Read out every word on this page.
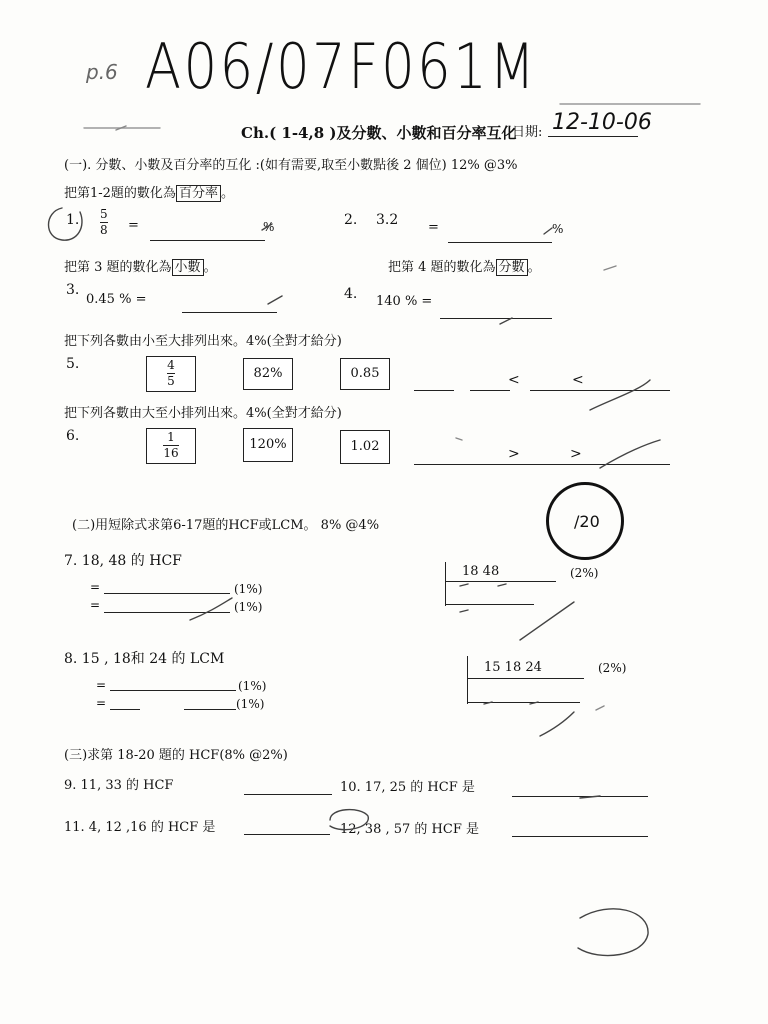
p.6 A06/07F061M
Ch.( 1-4,8 )及分數、小數和百分率互化
日期: 12-10-06
(一). 分數、小數及百分率的互化 :(如有需要,取至小數點後 2 個位) 12% @3%
把第1-2題的數化為 百分率 。
1. $\frac{5}{8}$ =	%	2. 3.2 =	%
把第 3 題的數化為 小數 。	把第 4 題的數化為 分數 。
3.
0.45 % =	4. 140 % =
把下列各數由小至大排列出來。4%(全對才給分)
5.	$\frac{4}{5}$	82%	0.85	<	<
把下列各數由大至小排列出來。4%(全對才給分)
6.	$\frac{1}{16}$	120%	1.02	>	>
/20
(二)用短除式求第6-17題的HCF或LCM。 8% @4%
7. 18, 48 的 HCF
=	(1%)
=	(1%)
18 48	(2%)
8. 15 , 18和 24 的 LCM
=	(1%)
=	(1%)
15 18 24	(2%)
(三)求第 18-20 題的 HCF(8% @2%)
9. 11, 33 的 HCF	10. 17, 25 的 HCF 是
11. 4, 12 ,16 的 HCF 是	12, 38 , 57 的 HCF 是
